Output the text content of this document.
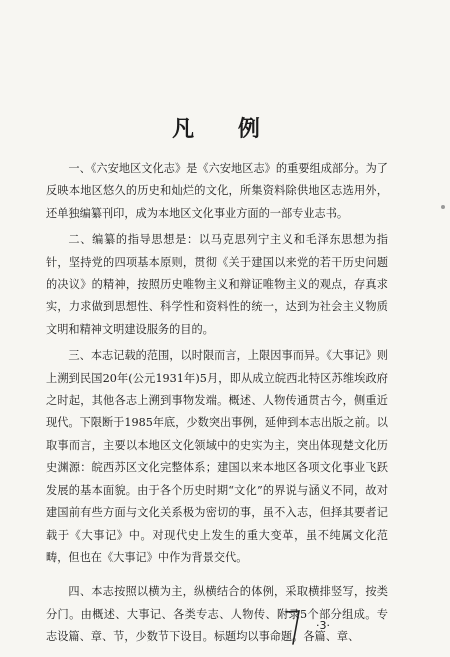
凡 例

一、《六安地区文化志》是《六安地区志》的重要组成部分。为了反映本地区悠久的历史和灿烂的文化，所集资料除供地区志选用外，还单独编纂刊印，成为本地区文化事业方面的一部专业志书。

二、编纂的指导思想是：以马克思列宁主义和毛泽东思想为指针，坚持党的四项基本原则，贯彻《关于建国以来党的若干历史问题的决议》的精神，按照历史唯物主义和辩证唯物主义的观点，存真求实，力求做到思想性、科学性和资料性的统一，达到为社会主义物质文明和精神文明建设服务的目的。

三、本志记载的范围，以时限而言，上限因事而异。《大事记》则上溯到民国20年(公元1931年)5月，即从成立皖西北特区苏维埃政府之时起，其他各志上溯到事物发端。概述、人物传通贯古今，侧重近现代。下限断于1985年底，少数突出事例，延伸到本志出版之前。以取事而言，主要以本地区文化领域中的史实为主，突出体现楚文化历史渊源：皖西苏区文化完整体系；建国以来本地区各项文化事业飞跃发展的基本面貌。由于各个历史时期“文化”的界说与涵义不同，故对建国前有些方面与文化关系极为密切的事，虽不入志，但择其要者记载于《大事记》中。对现代史上发生的重大变革，虽不纯属文化范畴，但也在《大事记》中作为背景交代。

四、本志按照以横为主，纵横结合的体例，采取横排竖写，按类分门。由概述、大事记、各类专志、人物传、附录5个部分组成。专志设篇、章、节，少数节下设目。标题均以事命题。各篇、章、

·3·
